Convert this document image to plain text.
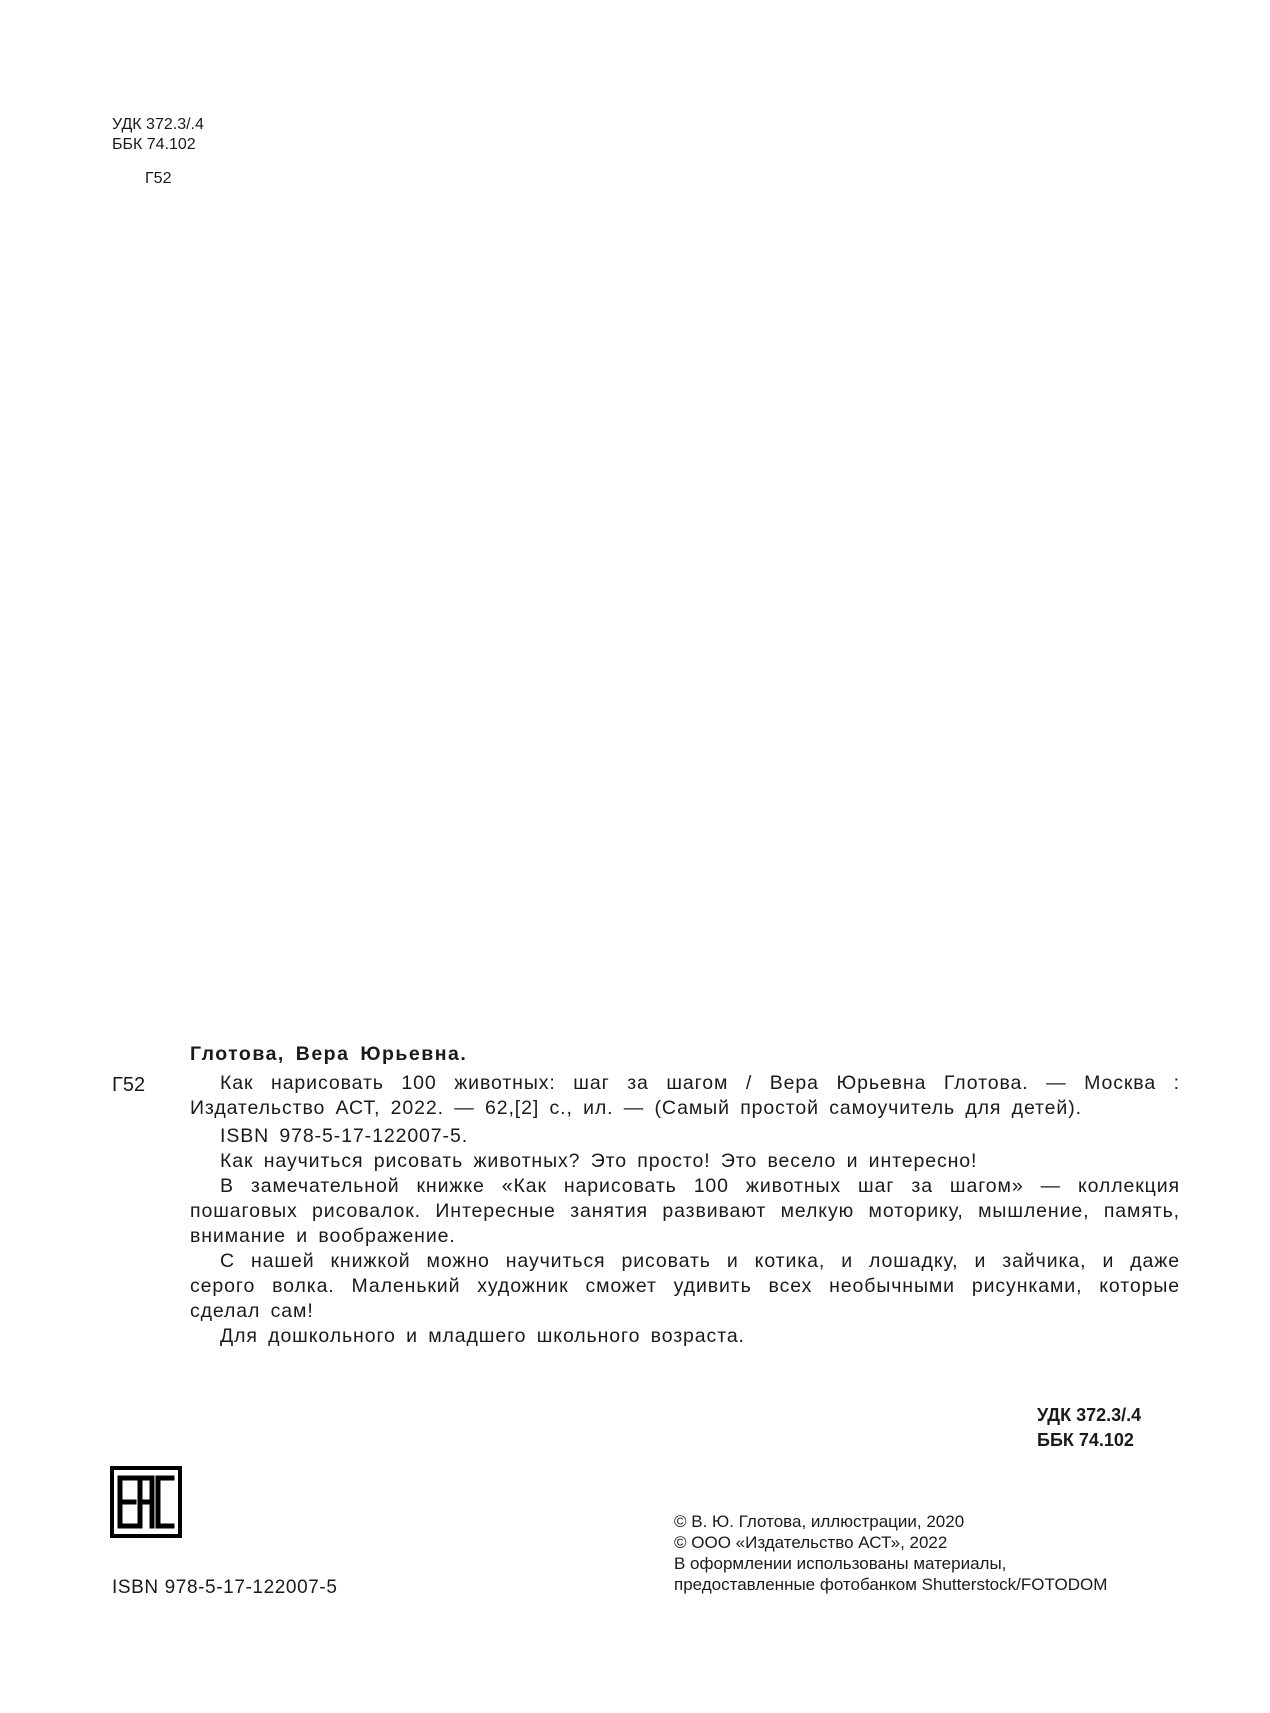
УДК 372.3/.4
ББК 74.102
Г52
Г52

Глотова, Вера Юрьевна.

Как нарисовать 100 животных: шаг за шагом / Вера Юрьевна Глотова. — Москва : Издательство АСТ, 2022. — 62,[2] с., ил. — (Самый простой самоучитель для детей).

ISBN 978-5-17-122007-5.

Как научиться рисовать животных? Это просто! Это весело и интересно!

В замечательной книжке «Как нарисовать 100 животных шаг за шагом» — коллекция пошаговых рисовалок. Интересные занятия развивают мелкую моторику, мышление, память, внимание и воображение.

С нашей книжкой можно научиться рисовать и котика, и лошадку, и зайчика, и даже серого волка. Маленький художник сможет удивить всех необычными рисунками, которые сделал сам!

Для дошкольного и младшего школьного возраста.

УДК 372.3/.4
ББК 74.102
© В. Ю. Глотова, иллюстрации, 2020
© ООО «Издательство АСТ», 2022
В оформлении использованы материалы,
предоставленные фотобанком Shutterstock/FOTODOM
ISBN 978-5-17-122007-5
